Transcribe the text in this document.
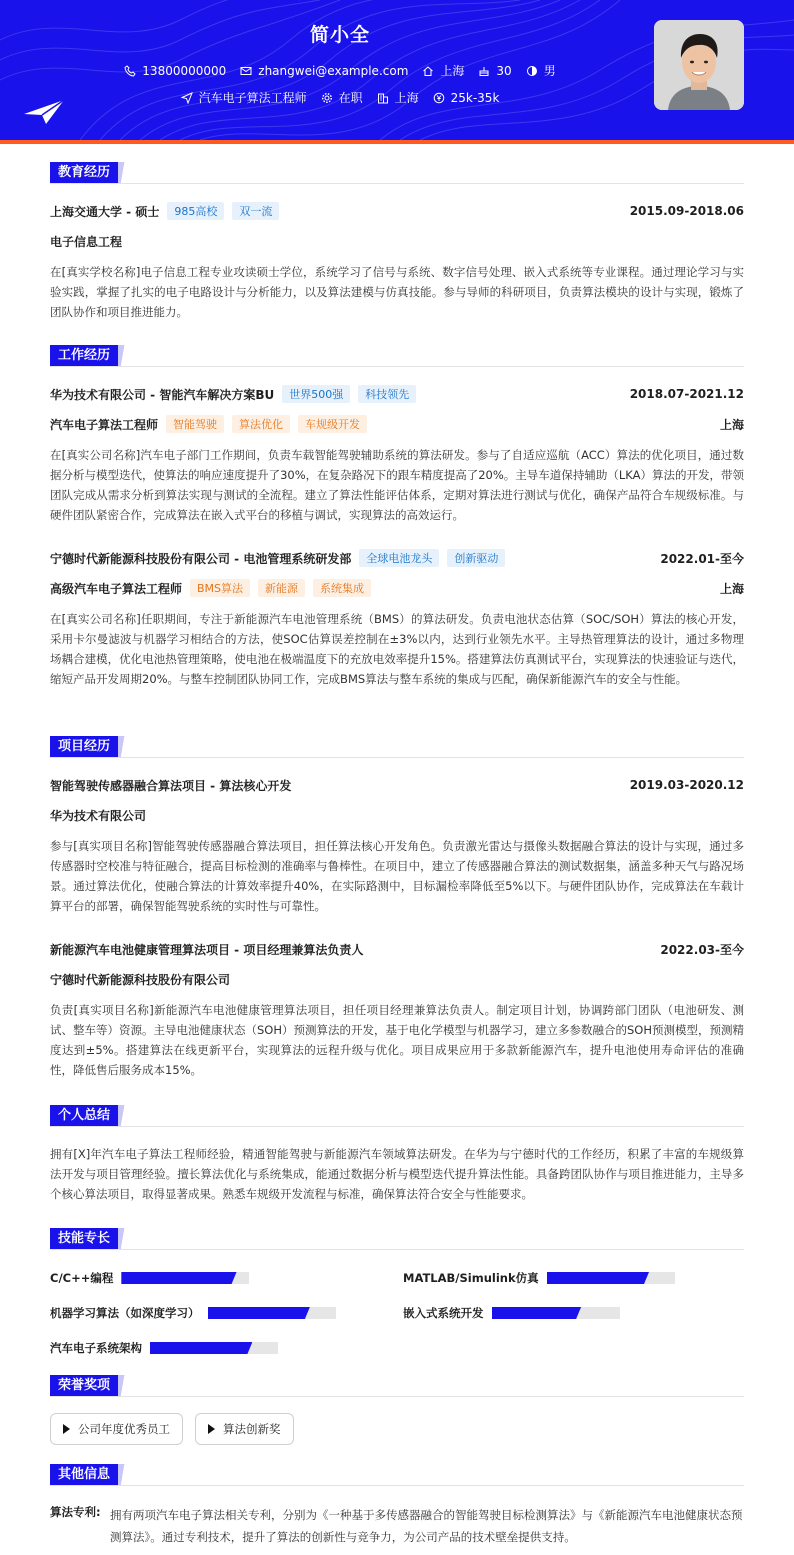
简小全
13800000000	zhangwei@example.com	上海	30	男
汽车电子算法工程师	在职	上海	25k-35k
教育经历
上海交通大学 - 硕士	985高校	双一流	2015.09-2018.06
电子信息工程
在[真实学校名称]电子信息工程专业攻读硕士学位，系统学习了信号与系统、数字信号处理、嵌入式系统等专业课程。通过理论学习与实验实践，掌握了扎实的电子电路设计与分析能力，以及算法建模与仿真技能。参与导师的科研项目，负责算法模块的设计与实现，锻炼了团队协作和项目推进能力。
工作经历
华为技术有限公司 - 智能汽车解决方案BU	世界500强	科技领先	2018.07-2021.12
汽车电子算法工程师	智能驾驶	算法优化	车规级开发	上海
在[真实公司名称]汽车电子部门工作期间，负责车载智能驾驶辅助系统的算法研发。参与了自适应巡航（ACC）算法的优化项目，通过数据分析与模型迭代，使算法的响应速度提升了30%，在复杂路况下的跟车精度提高了20%。主导车道保持辅助（LKA）算法的开发，带领团队完成从需求分析到算法实现与测试的全流程。建立了算法性能评估体系，定期对算法进行测试与优化，确保产品符合车规级标准。与硬件团队紧密合作，完成算法在嵌入式平台的移植与调试，实现算法的高效运行。
宁德时代新能源科技股份有限公司 - 电池管理系统研发部	全球电池龙头	创新驱动	2022.01-至今
高级汽车电子算法工程师	BMS算法	新能源	系统集成	上海
在[真实公司名称]任职期间，专注于新能源汽车电池管理系统（BMS）的算法研发。负责电池状态估算（SOC/SOH）算法的核心开发，采用卡尔曼滤波与机器学习相结合的方法，使SOC估算误差控制在±3%以内，达到行业领先水平。主导热管理算法的设计，通过多物理场耦合建模，优化电池热管理策略，使电池在极端温度下的充放电效率提升15%。搭建算法仿真测试平台，实现算法的快速验证与迭代，缩短产品开发周期20%。与整车控制团队协同工作，完成BMS算法与整车系统的集成与匹配，确保新能源汽车的安全与性能。
项目经历
智能驾驶传感器融合算法项目 - 算法核心开发	2019.03-2020.12
华为技术有限公司
参与[真实项目名称]智能驾驶传感器融合算法项目，担任算法核心开发角色。负责激光雷达与摄像头数据融合算法的设计与实现，通过多传感器时空校准与特征融合，提高目标检测的准确率与鲁棒性。在项目中，建立了传感器融合算法的测试数据集，涵盖多种天气与路况场景。通过算法优化，使融合算法的计算效率提升40%，在实际路测中，目标漏检率降低至5%以下。与硬件团队协作，完成算法在车载计算平台的部署，确保智能驾驶系统的实时性与可靠性。
新能源汽车电池健康管理算法项目 - 项目经理兼算法负责人	2022.03-至今
宁德时代新能源科技股份有限公司
负责[真实项目名称]新能源汽车电池健康管理算法项目，担任项目经理兼算法负责人。制定项目计划，协调跨部门团队（电池研发、测试、整车等）资源。主导电池健康状态（SOH）预测算法的开发，基于电化学模型与机器学习，建立多参数融合的SOH预测模型，预测精度达到±5%。搭建算法在线更新平台，实现算法的远程升级与优化。项目成果应用于多款新能源汽车，提升电池使用寿命评估的准确性，降低售后服务成本15%。
个人总结
拥有[X]年汽车电子算法工程师经验，精通智能驾驶与新能源汽车领域算法研发。在华为与宁德时代的工作经历，积累了丰富的车规级算法开发与项目管理经验。擅长算法优化与系统集成，能通过数据分析与模型迭代提升算法性能。具备跨团队协作与项目推进能力，主导多个核心算法项目，取得显著成果。熟悉车规级开发流程与标准，确保算法符合安全与性能要求。
技能专长
C/C++编程	MATLAB/Simulink仿真
机器学习算法（如深度学习）	嵌入式系统开发
汽车电子系统架构
荣誉奖项
公司年度优秀员工	算法创新奖
其他信息
算法专利: 拥有两项汽车电子算法相关专利，分别为《一种基于多传感器融合的智能驾驶目标检测算法》与《新能源汽车电池健康状态预测算法》。通过专利技术，提升了算法的创新性与竞争力，为公司产品的技术壁垒提供支持。
